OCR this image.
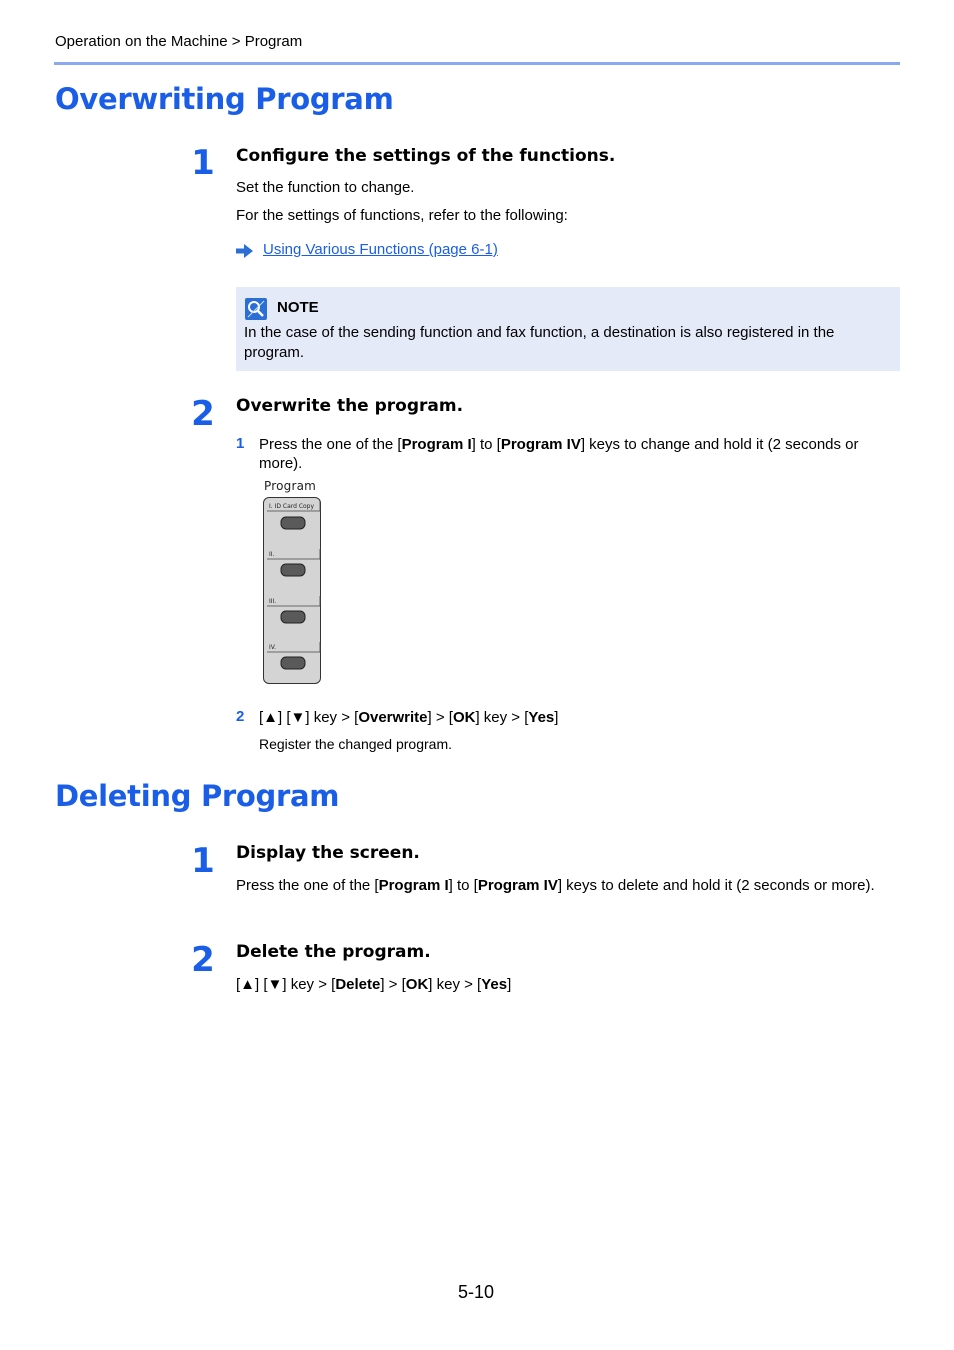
Operation on the Machine > Program
Overwriting Program
1 Configure the settings of the functions.
Set the function to change.
For the settings of functions, refer to the following:
Using Various Functions (page 6-1)
NOTE
In the case of the sending function and fax function, a destination is also registered in the program.
2 Overwrite the program.
1 Press the one of the [Program I] to [Program IV] keys to change and hold it (2 seconds or more).
Program
I. ID Card Copy
II.
III.
IV.
2 [▲] [▼] key > [Overwrite] > [OK] key > [Yes]
Register the changed program.
Deleting Program
1 Display the screen.
Press the one of the [Program I] to [Program IV] keys to delete and hold it (2 seconds or more).
2 Delete the program.
[▲] [▼] key > [Delete] > [OK] key > [Yes]
5-10
